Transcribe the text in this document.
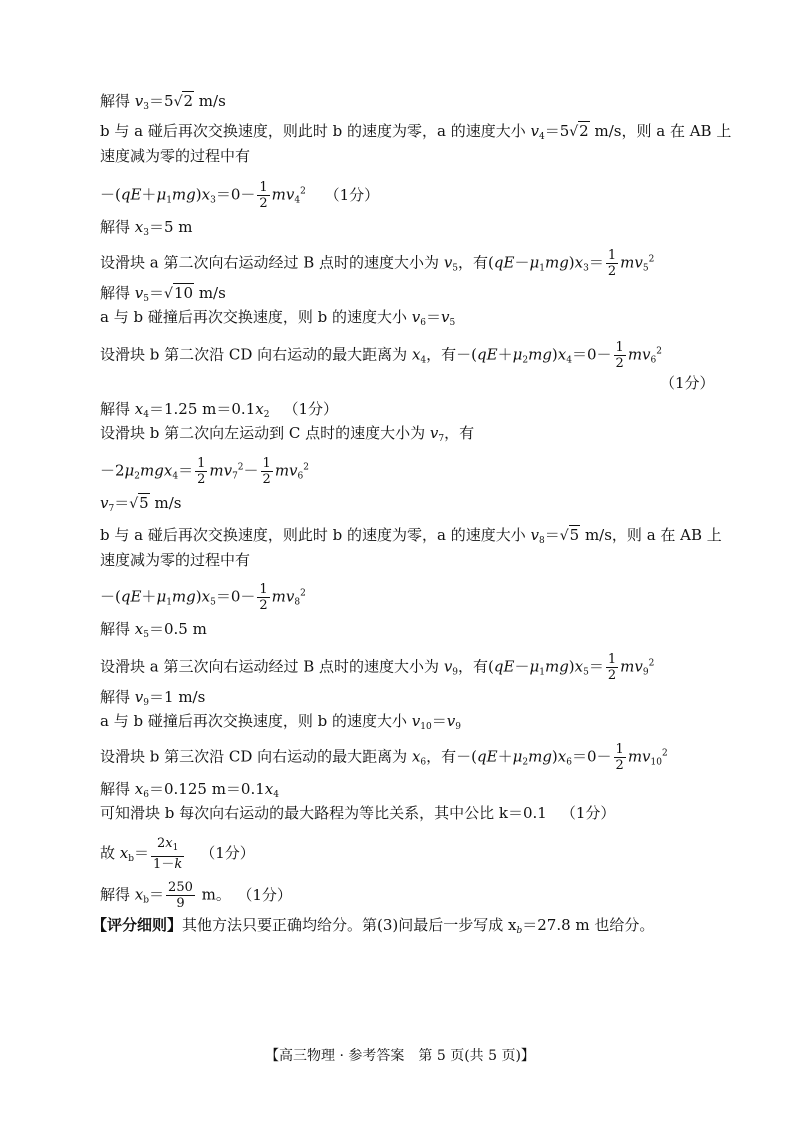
解得 $v_3=5√2$ m/s
b 与 a 碰后再次交换速度，则此时 b 的速度为零，a 的速度大小 $v_4=5√2$ m/s，则 a 在 AB 上
速度减为零的过程中有
$-(qE+\mu_1mg)x_3=0- \frac{1}{2} mv_4^2$ （1分）
解得 $x_3=5$ m
设滑块 a 第二次向右运动经过 B 点时的速度大小为 $v_5$，有$(qE-\mu_1mg)x_3= \frac{1}{2} mv_5^2$
解得 $v_5=√10$ m/s
a 与 b 碰撞后再次交换速度，则 b 的速度大小 $v_6=v_5$
设滑块 b 第二次沿 CD 向右运动的最大距离为 $x_4$，有$-(qE+\mu_2mg)x_4=0- \frac{1}{2} mv_6^2$
（1分）
解得 $x_4=1.25$ $m=0.1x_2$ （1分）
设滑块 b 第二次向左运动到 C 点时的速度大小为 $v_7$，有
$-2\mu_2mgx_4= \frac{1}{2} mv_7^2- \frac{1}{2} mv_6^2$
$v_7=√5$ m/s
b 与 a 碰后再次交换速度，则此时 b 的速度为零，a 的速度大小 $v_8=√5$ m/s，则 a 在 AB 上
速度减为零的过程中有
$-(qE+\mu_1mg)x_5=0- \frac{1}{2} mv_8^2$
解得 $x_5=0.5$ m
设滑块 a 第三次向右运动经过 B 点时的速度大小为 $v_9$，有$(qE-\mu_1mg)x_5= \frac{1}{2} mv_9^2$
解得 $v_9=1$ m/s
a 与 b 碰撞后再次交换速度，则 b 的速度大小 $v_{10}=v_9$
设滑块 b 第三次沿 CD 向右运动的最大距离为 $x_6$，有$-(qE+\mu_2mg)x_6=0- \frac{1}{2} mv_{10}^2$
解得 $x_6=0.125$ $m=0.1x_4$
可知滑块 b 每次向右运动的最大路程为等比关系，其中公比 k＝0.1 （1分）
故 $x_b= \frac{2x_1}{1-k} (1$分）
解得 $x_b= \frac{250}{9}$ m。 （1分）
【评分细则】其他方法只要正确均给分。第(3)问最后一步写成 $x_b=27.8$ m 也给分。
【高三物理 · 参考答案　第 5 页(共 5 页)】
